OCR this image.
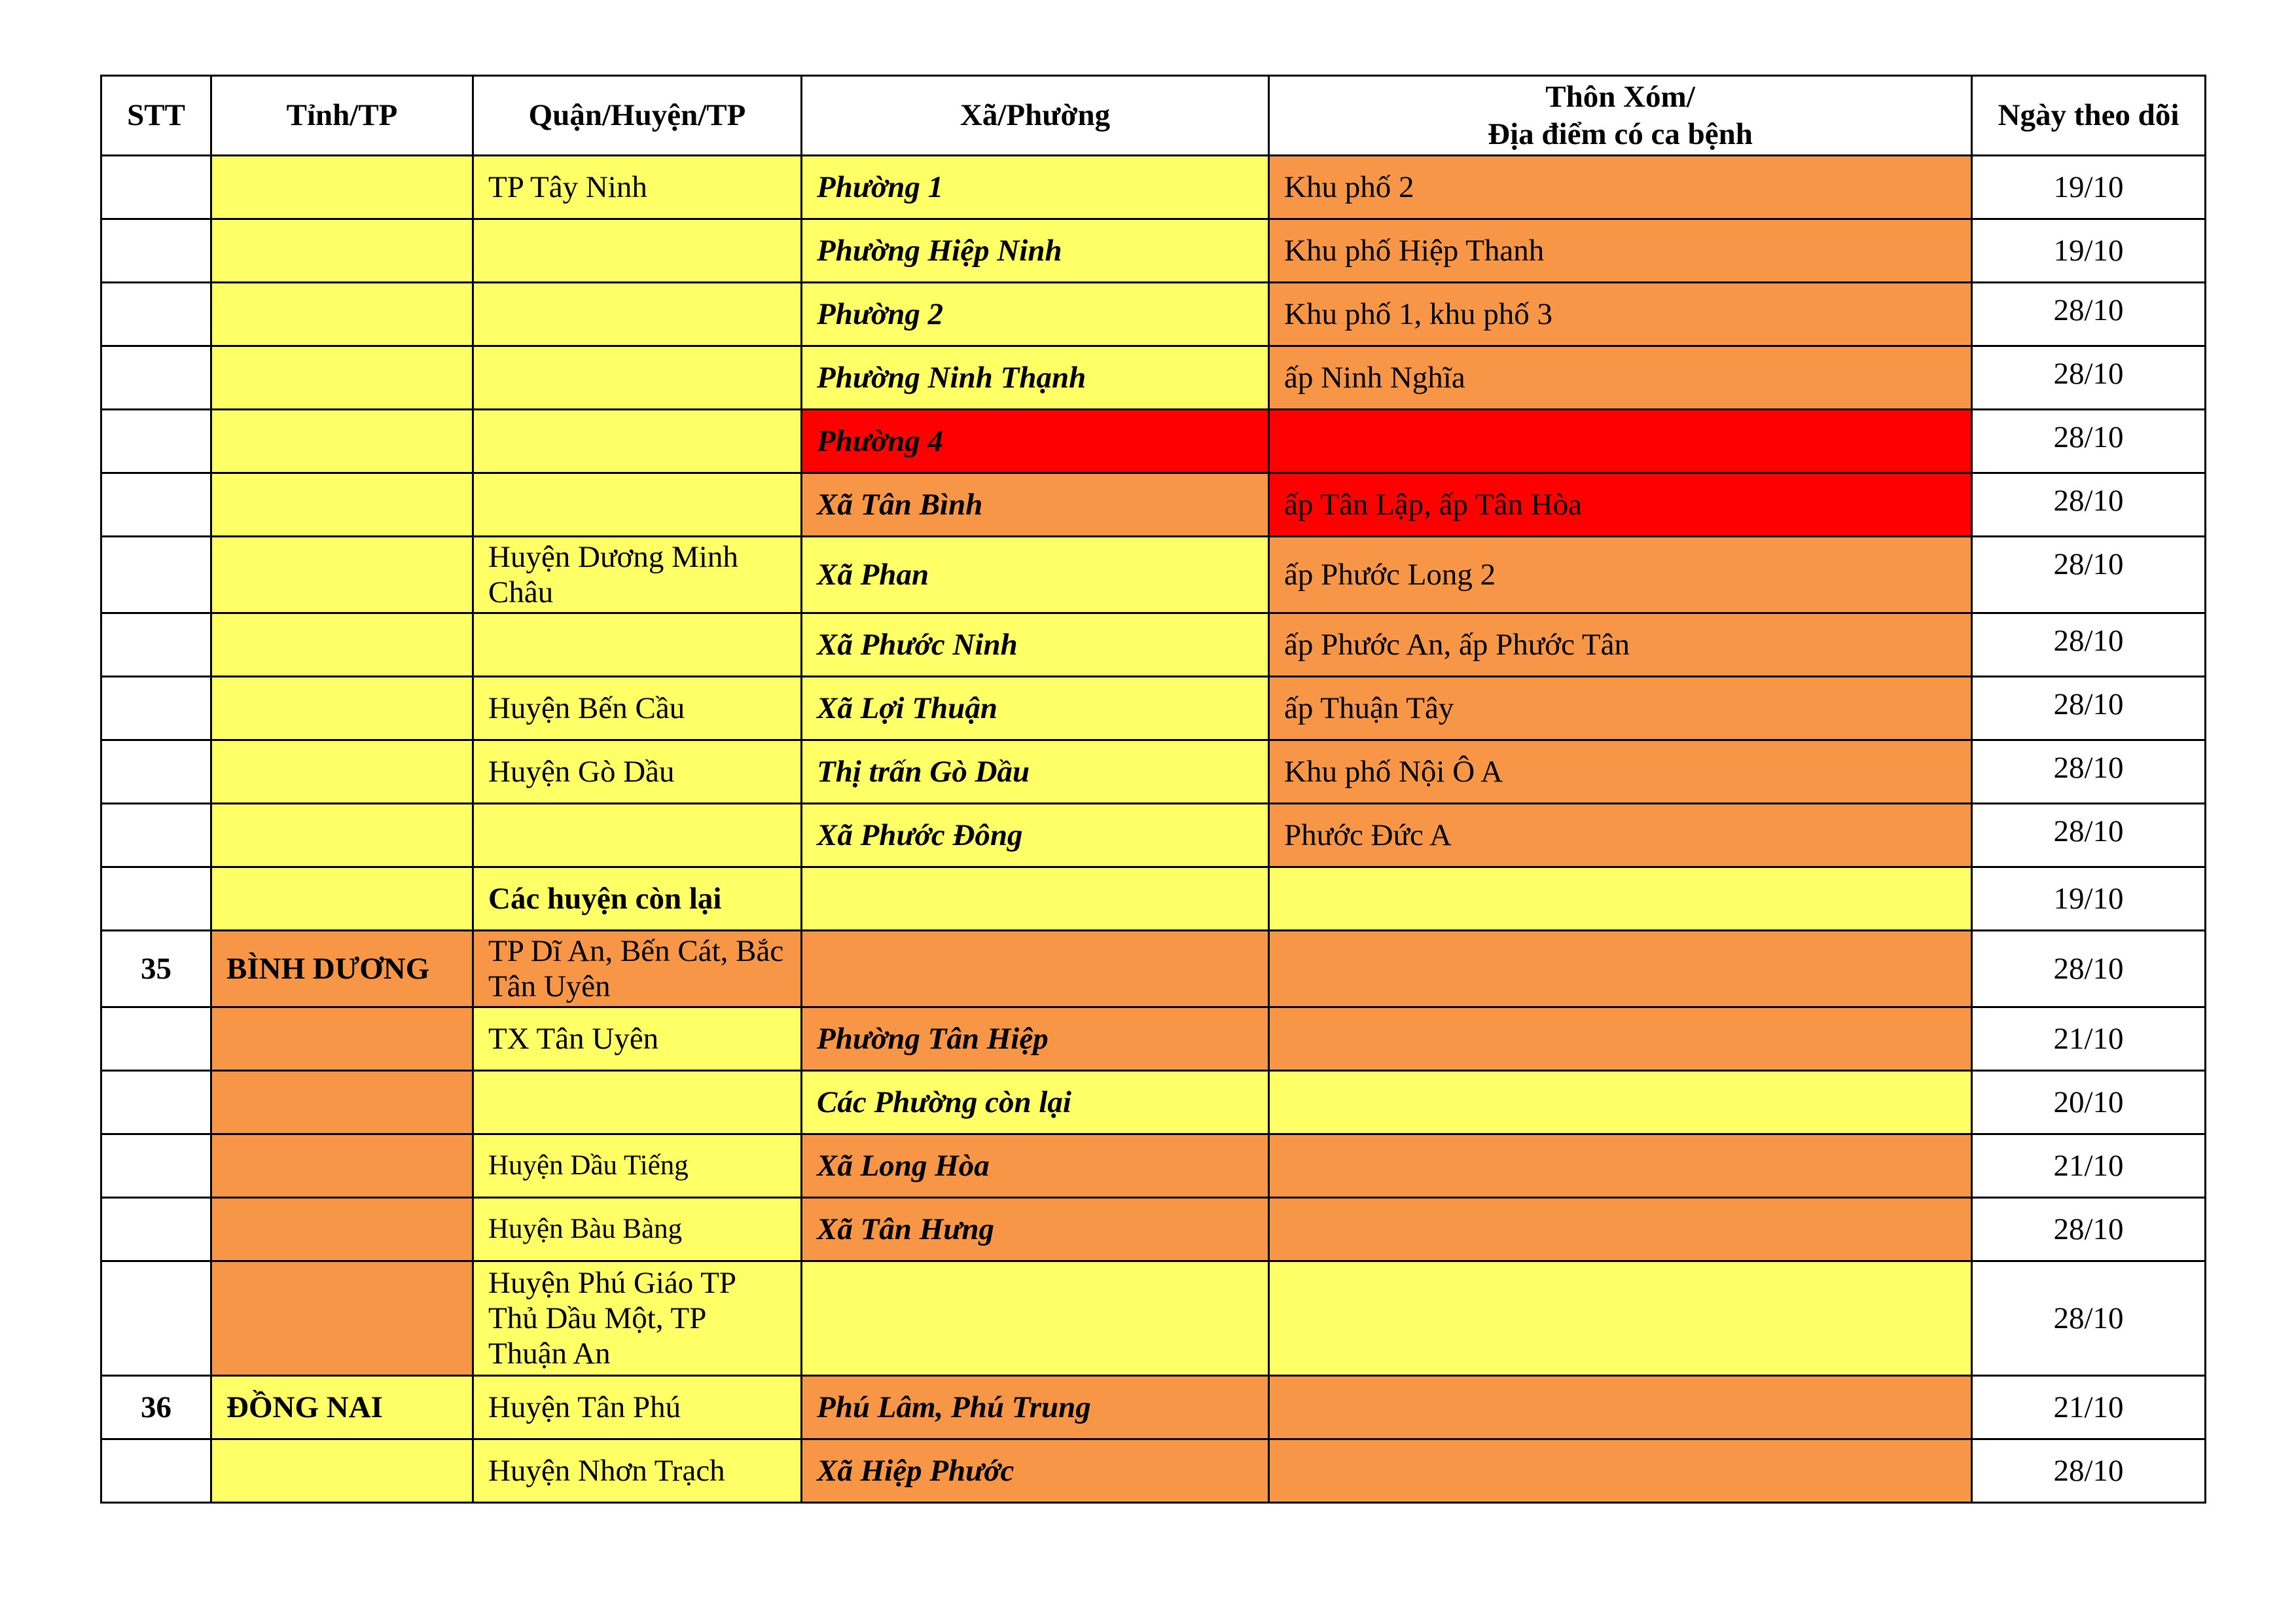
STT	Tỉnh/TP	Quận/Huyện/TP	Xã/Phường	Thôn Xóm/
Địa điểm có ca bệnh	Ngày theo dõi
		TP Tây Ninh	Phường 1	Khu phố 2	19/10
			Phường Hiệp Ninh	Khu phố Hiệp Thanh	19/10
			Phường 2	Khu phố 1, khu phố 3	28/10
			Phường Ninh Thạnh	ấp Ninh Nghĩa	28/10
			Phường 4		28/10
			Xã Tân Bình	ấp Tân Lập, ấp Tân Hòa	28/10
		Huyện Dương Minh Châu	Xã Phan	ấp Phước Long 2	28/10
			Xã Phước Ninh	ấp Phước An, ấp Phước Tân	28/10
		Huyện Bến Cầu	Xã Lợi Thuận	ấp Thuận Tây	28/10
		Huyện Gò Dầu	Thị trấn Gò Dầu	Khu phố Nội Ô A	28/10
			Xã Phước Đông	Phước Đức A	28/10
		Các huyện còn lại			19/10
35	BÌNH DƯƠNG	TP Dĩ An, Bến Cát, Bắc Tân Uyên			28/10
		TX Tân Uyên	Phường Tân Hiệp		21/10
			Các Phường còn lại		20/10
		Huyện Dầu Tiếng	Xã Long Hòa		21/10
		Huyện Bàu Bàng	Xã Tân Hưng		28/10
		Huyện Phú Giáo TP Thủ Dầu Một, TP Thuận An			28/10
36	ĐỒNG NAI	Huyện Tân Phú	Phú Lâm, Phú Trung		21/10
		Huyện Nhơn Trạch	Xã Hiệp Phước		28/10
